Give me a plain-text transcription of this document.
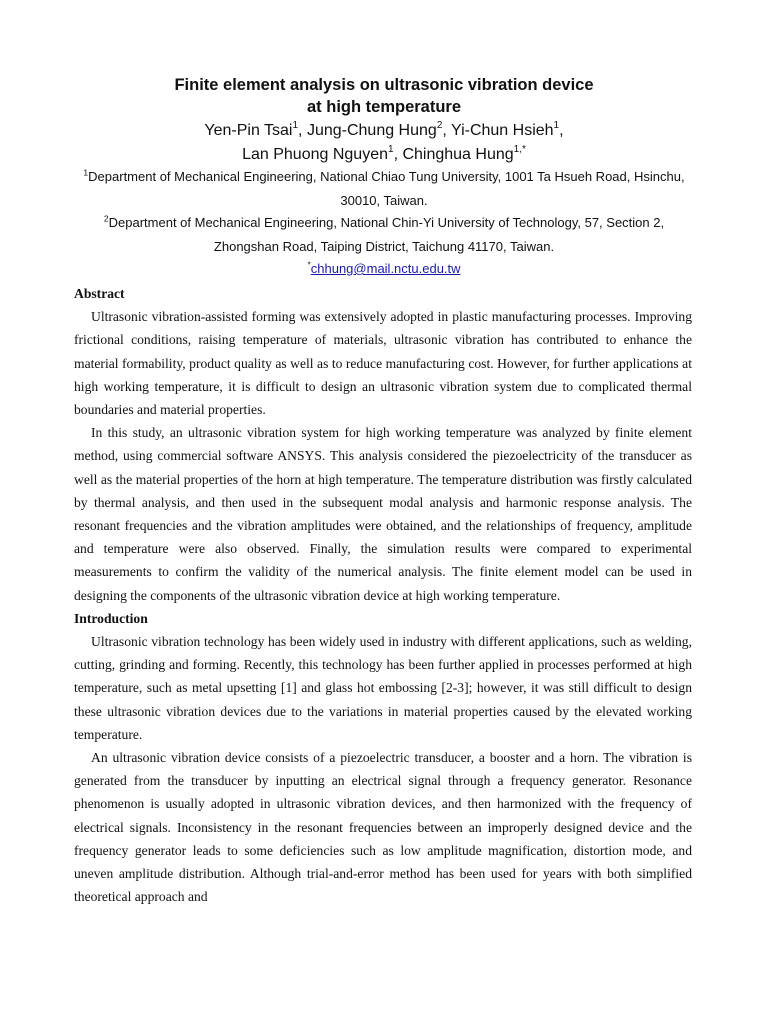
Finite element analysis on ultrasonic vibration device
at high temperature
Yen-Pin Tsai$^1$, Jung-Chung Hung$^2$, Yi-Chun Hsieh$^1$,
Lan Phuong Nguyen$^1$, Chinghua Hung$^{1,*}$
$^1$Department of Mechanical Engineering, National Chiao Tung University, 1001 Ta Hsueh Road, Hsinchu, 30010, Taiwan.
$^2$Department of Mechanical Engineering, National Chin-Yi University of Technology, 57, Section 2, Zhongshan Road, Taiping District, Taichung 41170, Taiwan.
*chhung@mail.nctu.edu.tw
Abstract

Ultrasonic vibration-assisted forming was extensively adopted in plastic manufacturing processes. Improving frictional conditions, raising temperature of materials, ultrasonic vibration has contributed to enhance the material formability, product quality as well as to reduce manufacturing cost. However, for further applications at high working temperature, it is difficult to design an ultrasonic vibration system due to complicated thermal boundaries and material properties.

In this study, an ultrasonic vibration system for high working temperature was analyzed by finite element method, using commercial software ANSYS. This analysis considered the piezoelectricity of the transducer as well as the material properties of the horn at high temperature. The temperature distribution was firstly calculated by thermal analysis, and then used in the subsequent modal analysis and harmonic response analysis. The resonant frequencies and the vibration amplitudes were obtained, and the relationships of frequency, amplitude and temperature were also observed. Finally, the simulation results were compared to experimental measurements to confirm the validity of the numerical analysis. The finite element model can be used in designing the components of the ultrasonic vibration device at high working temperature.

Introduction

Ultrasonic vibration technology has been widely used in industry with different applications, such as welding, cutting, grinding and forming. Recently, this technology has been further applied in processes performed at high temperature, such as metal upsetting [1] and glass hot embossing [2-3]; however, it was still difficult to design these ultrasonic vibration devices due to the variations in material properties caused by the elevated working temperature.

An ultrasonic vibration device consists of a piezoelectric transducer, a booster and a horn. The vibration is generated from the transducer by inputting an electrical signal through a frequency generator. Resonance phenomenon is usually adopted in ultrasonic vibration devices, and then harmonized with the frequency of electrical signals. Inconsistency in the resonant frequencies between an improperly designed device and the frequency generator leads to some deficiencies such as low amplitude magnification, distortion mode, and uneven amplitude distribution. Although trial-and-error method has been used for years with both simplified theoretical approach and
